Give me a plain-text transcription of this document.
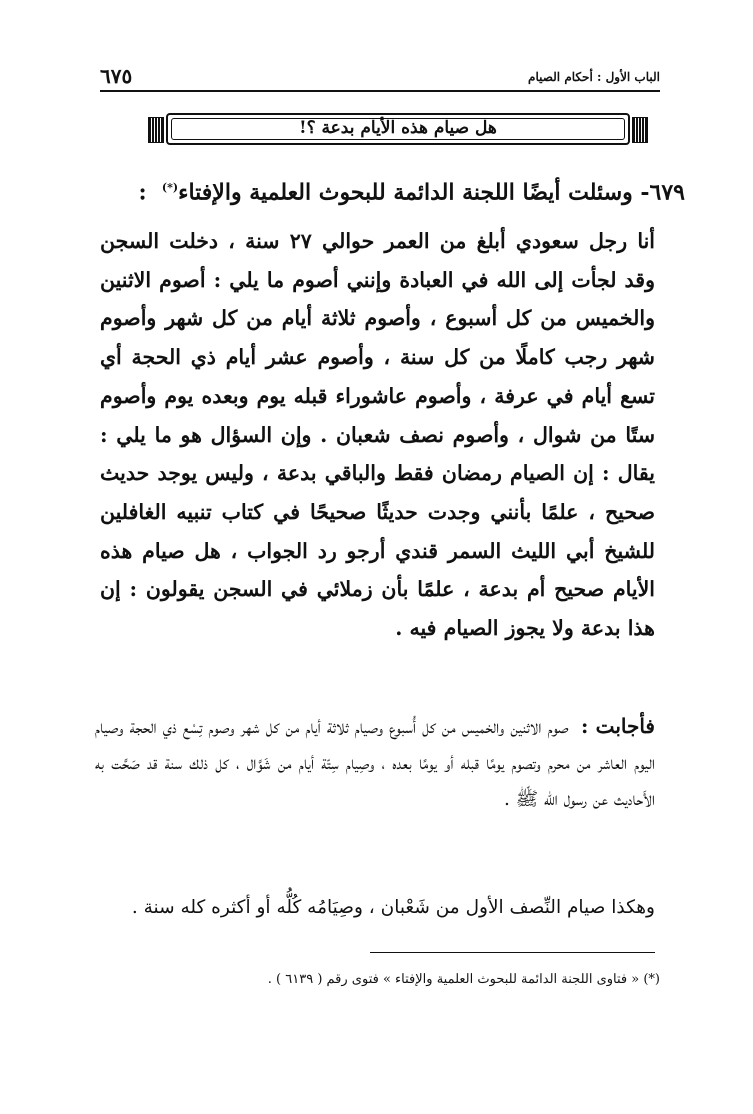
الباب الأول : أحكام الصيام
٦٧٥
هل صيام هذه الأيام بدعة ؟!
٦٧٩- وسئلت أيضًا اللجنة الدائمة للبحوث العلمية والإفتاء(*)  :
أنا رجل سعودي أبلغ من العمر حوالي ٢٧ سنة ، دخلت السجن وقد لجأت إلى الله في العبادة وإنني أصوم ما يلي : أصوم الاثنين والخميس من كل أسبوع ، وأصوم ثلاثة أيام من كل شهر وأصوم شهر رجب كاملًا من كل سنة ، وأصوم عشر أيام ذي الحجة أي تسع أيام في عرفة ، وأصوم عاشوراء قبله يوم وبعده يوم وأصوم ستًا من شوال ، وأصوم نصف شعبان . وإن السؤال هو ما يلي : يقال : إن الصيام رمضان فقط والباقي بدعة ، وليس يوجد حديث صحيح ، علمًا بأنني وجدت حديثًا صحيحًا في كتاب تنبيه الغافلين للشيخ أبي الليث السمر قندي أرجو رد الجواب ، هل صيام هذه الأيام صحيح أم بدعة ، علمًا بأن زملائي في السجن يقولون : إن هذا بدعة ولا يجوز الصيام فيه .
فأجابت :  صوم الاثنين والخميس من كل أُسبوع وصيام ثلاثة أيام من كل شهر وصوم تِسْع ذي الحجة وصيام اليوم العاشر من محرم وتصوم يومًا قبله أو يومًا بعده ، وصِيام سِتّة أيام من شَوَّال ، كل ذلك سنة قد صَحَّت به الأَحاديث عن رسول الله ﷺ .
وهكذا صيام النِّصف الأول من شَعْبان ، وصِيَامُه كُلُّه أو أكثره كله سنة .
(*) « فتاوى اللجنة الدائمة للبحوث العلمية والإفتاء » فتوى رقم ( ٦١٣٩ ) .
